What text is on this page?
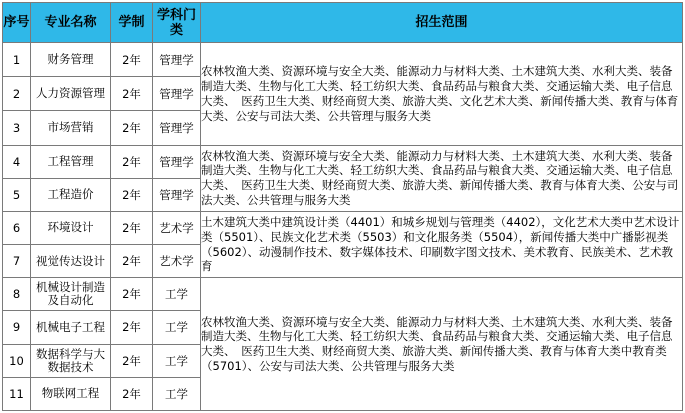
序号	专业名称	学制	学科门类	招生范围
1	财务管理	2年	管理学	农林牧渔大类、资源环境与安全大类、能源动力与材料大类、土木建筑大类、水利大类、装备制造大类、生物与化工大类、轻工纺织大类、食品药品与粮食大类、交通运输大类、电子信息大类、　医药卫生大类、财经商贸大类、旅游大类、文化艺术大类、新闻传播大类、教育与体育大类、公安与司法大类、公共管理与服务大类
2	人力资源管理	2年	管理学	
3	市场营销	2年	管理学	
4	工程管理	2年	管理学	农林牧渔大类、资源环境与安全大类、能源动力与材料大类、土木建筑大类、水利大类、装备制造大类、生物与化工大类、轻工纺织大类、食品药品与粮食大类、交通运输大类、电子信息大类、　医药卫生大类、财经商贸大类、旅游大类、新闻传播大类、教育与体育大类、公安与司法大类、公共管理与服务大类
5	工程造价	2年	管理学	
6	环境设计	2年	艺术学	土木建筑大类中建筑设计类（4401）和城乡规划与管理类（4402），文化艺术大类中艺术设计类（5501）、民族文化艺术类（5503）和文化服务类（5504），新闻传播大类中广播影视类（5602）、动漫制作技术、数字媒体技术、印刷数字图文技术、美术教育、民族美术、艺术教育
7	视觉传达设计	2年	艺术学	
8	机械设计制造及自动化	2年	工学	农林牧渔大类、资源环境与安全大类、能源动力与材料大类、土木建筑大类、水利大类、装备制造大类、生物与化工大类、轻工纺织大类、食品药品与粮食大类、交通运输大类、电子信息大类、　医药卫生大类、财经商贸大类、旅游大类、新闻传播大类、教育与体育大类中教育类（5701）、公安与司法大类、公共管理与服务大类
9	机械电子工程	2年	工学	
10	数据科学与大数据技术	2年	工学	
11	物联网工程	2年	工学	
